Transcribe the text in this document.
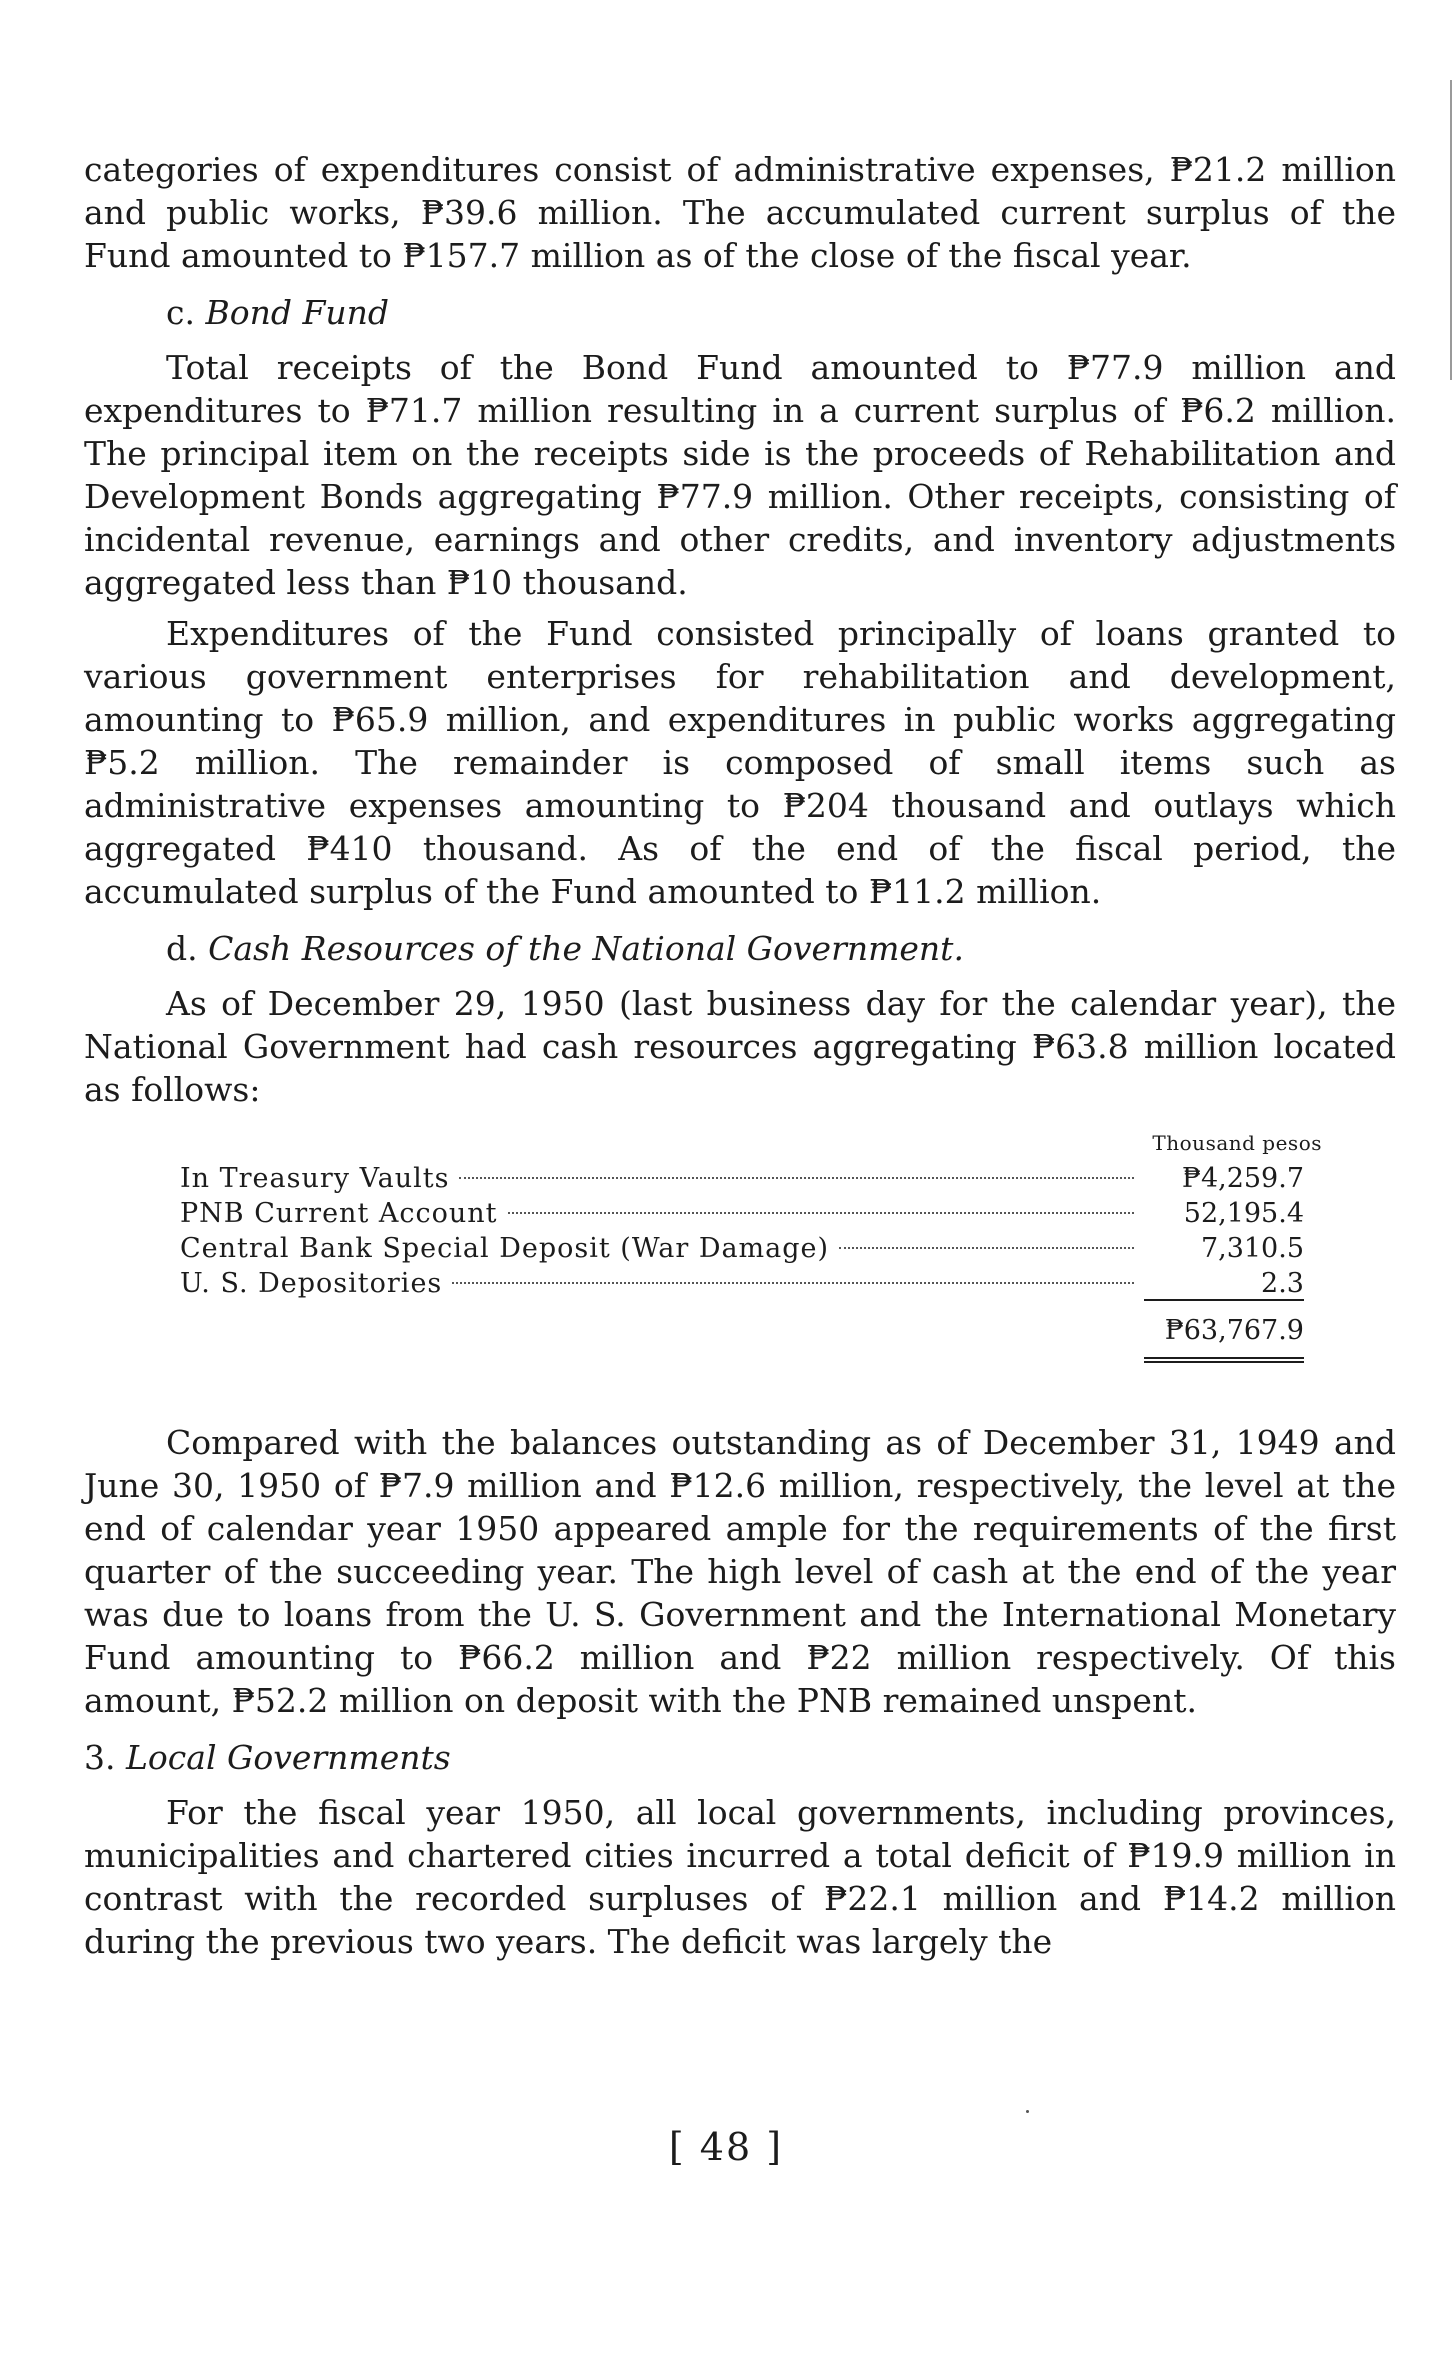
categories of expenditures consist of administrative expenses, ₱21.2 million and public works, ₱39.6 million. The accumulated current surplus of the Fund amounted to ₱157.7 million as of the close of the fiscal year.

c. Bond Fund

Total receipts of the Bond Fund amounted to ₱77.9 million and expenditures to ₱71.7 million resulting in a current surplus of ₱6.2 million. The principal item on the receipts side is the proceeds of Rehabilitation and Development Bonds aggregating ₱77.9 million. Other receipts, consisting of incidental revenue, earnings and other credits, and inventory adjustments aggregated less than ₱10 thousand.

Expenditures of the Fund consisted principally of loans granted to various government enterprises for rehabilitation and development, amounting to ₱65.9 million, and expenditures in public works aggregating ₱5.2 million. The remainder is composed of small items such as administrative expenses amounting to ₱204 thousand and outlays which aggregated ₱410 thousand. As of the end of the fiscal period, the accumulated surplus of the Fund amounted to ₱11.2 million.

d. Cash Resources of the National Government.

As of December 29, 1950 (last business day for the calendar year), the National Government had cash resources aggregating ₱63.8 million located as follows:

Thousand pesos
In Treasury Vaults	₱4,259.7
PNB Current Account	52,195.4
Central Bank Special Deposit (War Damage)	7,310.5
U. S. Depositories	2.3
₱63,767.9

Compared with the balances outstanding as of December 31, 1949 and June 30, 1950 of ₱7.9 million and ₱12.6 million, respectively, the level at the end of calendar year 1950 appeared ample for the requirements of the first quarter of the succeeding year. The high level of cash at the end of the year was due to loans from the U. S. Government and the International Monetary Fund amounting to ₱66.2 million and ₱22 million respectively. Of this amount, ₱52.2 million on deposit with the PNB remained unspent.

3. Local Governments

For the fiscal year 1950, all local governments, including provinces, municipalities and chartered cities incurred a total deficit of ₱19.9 million in contrast with the recorded surpluses of ₱22.1 million and ₱14.2 million during the previous two years. The deficit was largely the

[ 48 ]
